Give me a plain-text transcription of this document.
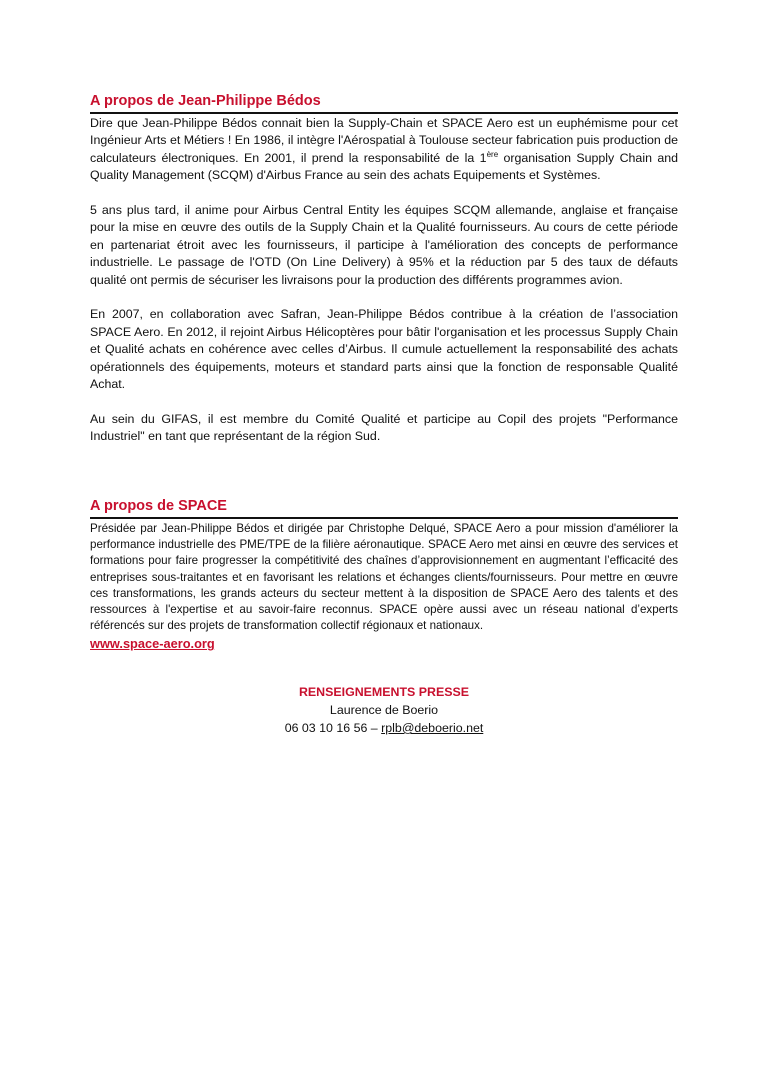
A propos de Jean-Philippe Bédos

Dire que Jean-Philippe Bédos connait bien la Supply-Chain et SPACE Aero est un euphémisme pour cet Ingénieur Arts et Métiers ! En 1986, il intègre l'Aérospatial à Toulouse secteur fabrication puis production de calculateurs électroniques. En 2001, il prend la responsabilité de la 1ère organisation Supply Chain and Quality Management (SCQM) d'Airbus France au sein des achats Equipements et Systèmes.

5 ans plus tard, il anime pour Airbus Central Entity les équipes SCQM allemande, anglaise et française pour la mise en œuvre des outils de la Supply Chain et la Qualité fournisseurs. Au cours de cette période en partenariat étroit avec les fournisseurs, il participe à l'amélioration des concepts de performance industrielle. Le passage de l'OTD (On Line Delivery) à 95% et la réduction par 5 des taux de défauts qualité ont permis de sécuriser les livraisons pour la production des différents programmes avion.

En 2007, en collaboration avec Safran, Jean-Philippe Bédos contribue à la création de l’association SPACE Aero. En 2012, il rejoint Airbus Hélicoptères pour bâtir l'organisation et les processus Supply Chain et Qualité achats en cohérence avec celles d’Airbus. Il cumule actuellement la responsabilité des achats opérationnels des équipements, moteurs et standard parts ainsi que la fonction de responsable Qualité Achat.

Au sein du GIFAS, il est membre du Comité Qualité et participe au Copil des projets "Performance Industriel" en tant que représentant de la région Sud.

A propos de SPACE

Présidée par Jean-Philippe Bédos et dirigée par Christophe Delqué, SPACE Aero a pour mission d'améliorer la performance industrielle des PME/TPE de la filière aéronautique. SPACE Aero met ainsi en œuvre des services et formations pour faire progresser la compétitivité des chaînes d’approvisionnement en augmentant l’efficacité des entreprises sous-traitantes et en favorisant les relations et échanges clients/fournisseurs. Pour mettre en œuvre ces transformations, les grands acteurs du secteur mettent à la disposition de SPACE Aero des talents et des ressources à l'expertise et au savoir-faire reconnus. SPACE opère aussi avec un réseau national d’experts référencés sur des projets de transformation collectif régionaux et nationaux.

www.space-aero.org
RENSEIGNEMENTS PRESSE
Laurence de Boerio
06 03 10 16 56 – rplb@deboerio.net
